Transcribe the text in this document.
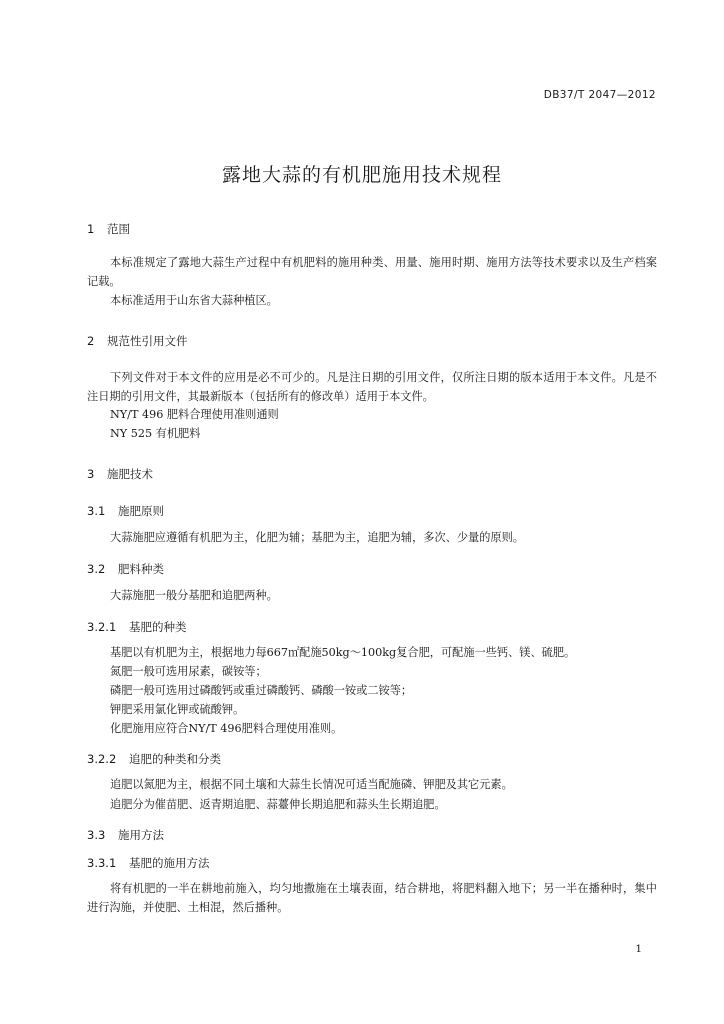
DB37/T 2047—2012
露地大蒜的有机肥施用技术规程
1 范围
本标准规定了露地大蒜生产过程中有机肥料的施用种类、用量、施用时期、施用方法等技术要求以及生产档案记载。
本标准适用于山东省大蒜种植区。
2 规范性引用文件
下列文件对于本文件的应用是必不可少的。凡是注日期的引用文件，仅所注日期的版本适用于本文件。凡是不注日期的引用文件，其最新版本（包括所有的修改单）适用于本文件。
NY/T 496 肥料合理使用准则通则
NY 525 有机肥料
3 施肥技术
3.1 施肥原则
大蒜施肥应遵循有机肥为主，化肥为辅；基肥为主，追肥为辅，多次、少量的原则。
3.2 肥料种类
大蒜施肥一般分基肥和追肥两种。
3.2.1 基肥的种类
基肥以有机肥为主，根据地力每667㎡配施50kg～100kg复合肥，可配施一些钙、镁、硫肥。
氮肥一般可选用尿素，碳铵等；
磷肥一般可选用过磷酸钙或重过磷酸钙、磷酸一铵或二铵等；
钾肥采用氯化钾或硫酸钾。
化肥施用应符合NY/T 496肥料合理使用准则。
3.2.2 追肥的种类和分类
追肥以氮肥为主，根据不同土壤和大蒜生长情况可适当配施磷、钾肥及其它元素。
追肥分为催苗肥、返青期追肥、蒜薹伸长期追肥和蒜头生长期追肥。
3.3 施用方法
3.3.1 基肥的施用方法
将有机肥的一半在耕地前施入，均匀地撒施在土壤表面，结合耕地，将肥料翻入地下；另一半在播种时，集中进行沟施，并使肥、土相混，然后播种。
1
